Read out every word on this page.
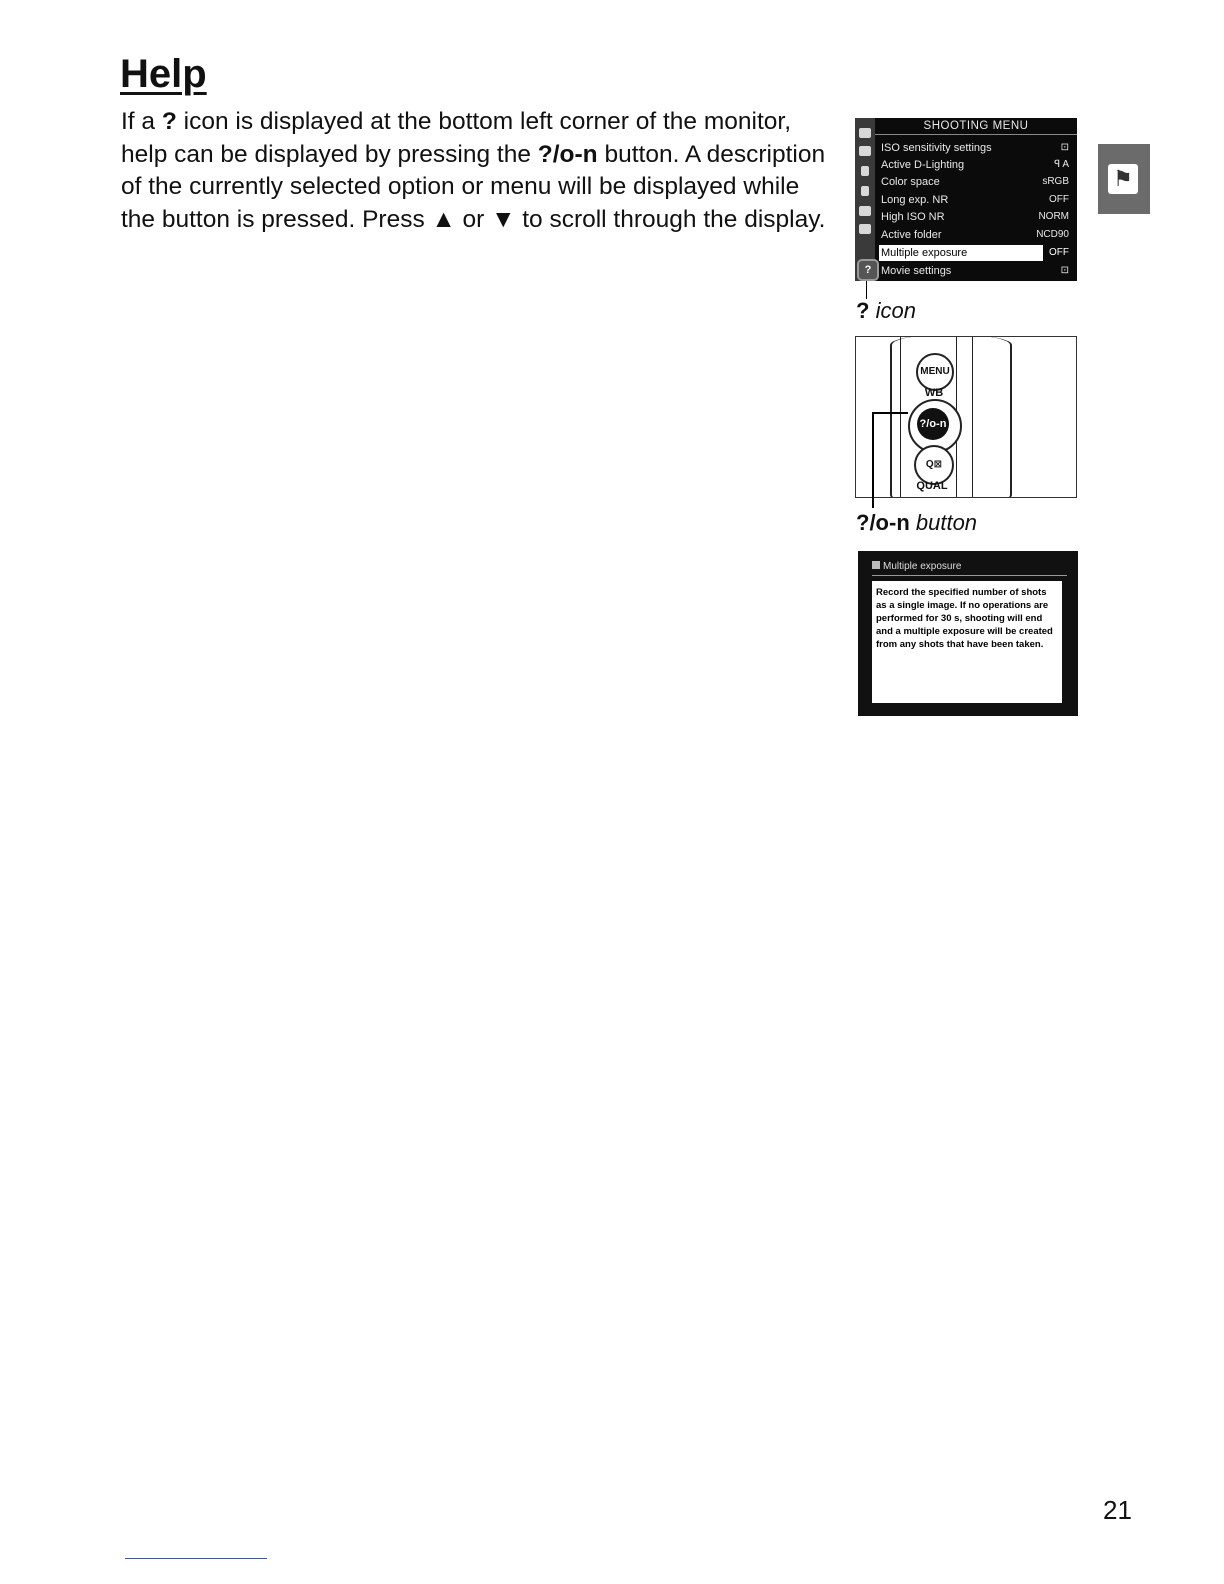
Help

If a ? icon is displayed at the bottom left corner of the monitor, help can be displayed by pressing the ?/o-n button. A description of the currently selected option or menu will be displayed while the button is pressed. Press ▲ or ▼ to scroll through the display.

SHOOTING MENU
ISO sensitivity settings	⊡
Active D-Lighting	ꟼ A
Color space	sRGB
Long exp. NR	OFF
High ISO NR	NORM
Active folder	NCD90
Multiple exposure	OFF
Movie settings	⊡
?
? icon
MENU
WB
?/o-n
Q⊠
QUAL
?/o-n button
Multiple exposure
Record the specified number of shots as a single image. If no operations are performed for 30 s, shooting will end and a multiple exposure will be created from any shots that have been taken.
⚑
21
